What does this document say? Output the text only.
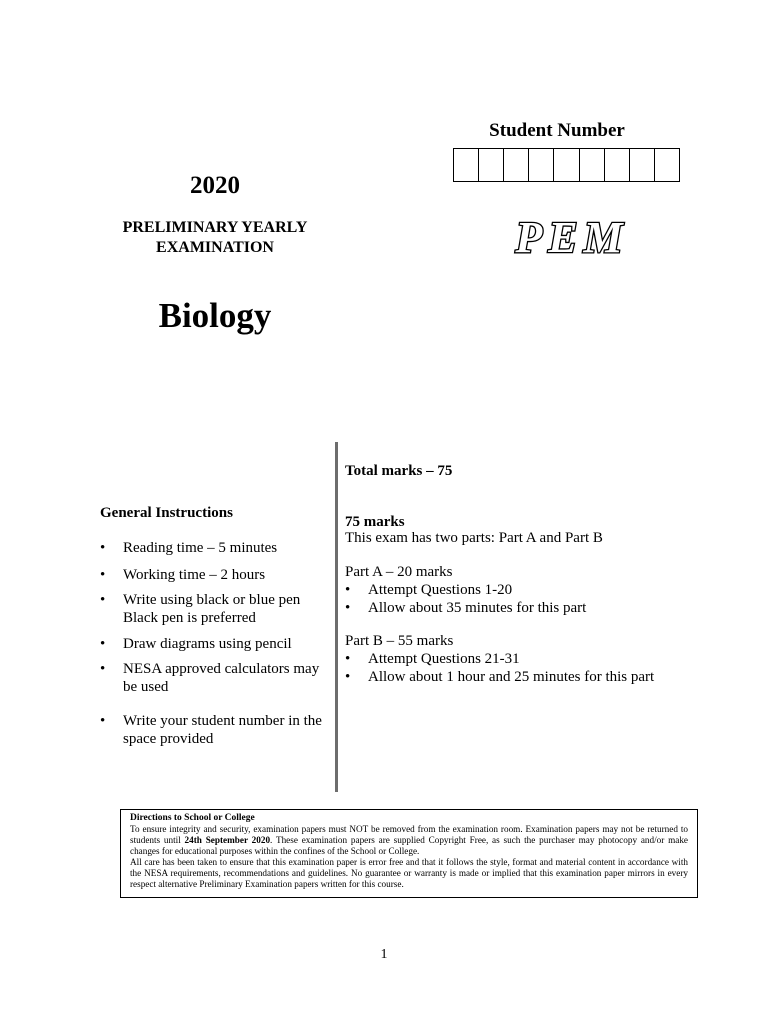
Student Number
2020
PRELIMINARY YEARLY
EXAMINATION
Biology
PEM
General Instructions
•	Reading time – 5 minutes
•	Working time – 2 hours
•	Write using black or blue pen
Black pen is preferred
•	Draw diagrams using pencil
•	NESA approved calculators may
be used
•	Write your student number in the
space provided
Total marks – 75
75 marks
This exam has two parts: Part A and Part B
Part A – 20 marks
•	Attempt Questions 1-20
•	Allow about 35 minutes for this part
Part B – 55 marks
•	Attempt Questions 21-31
•	Allow about 1 hour and 25 minutes for this part
Directions to School or College

To ensure integrity and security, examination papers must NOT be removed from the examination room. Examination papers may not be returned to students until 24th September 2020. These examination papers are supplied Copyright Free, as such the purchaser may photocopy and/or make changes for educational purposes within the confines of the School or College.

All care has been taken to ensure that this examination paper is error free and that it follows the style, format and material content in accordance with the NESA requirements, recommendations and guidelines. No guarantee or warranty is made or implied that this examination paper mirrors in every respect alternative Preliminary Examination papers written for this course.

1
